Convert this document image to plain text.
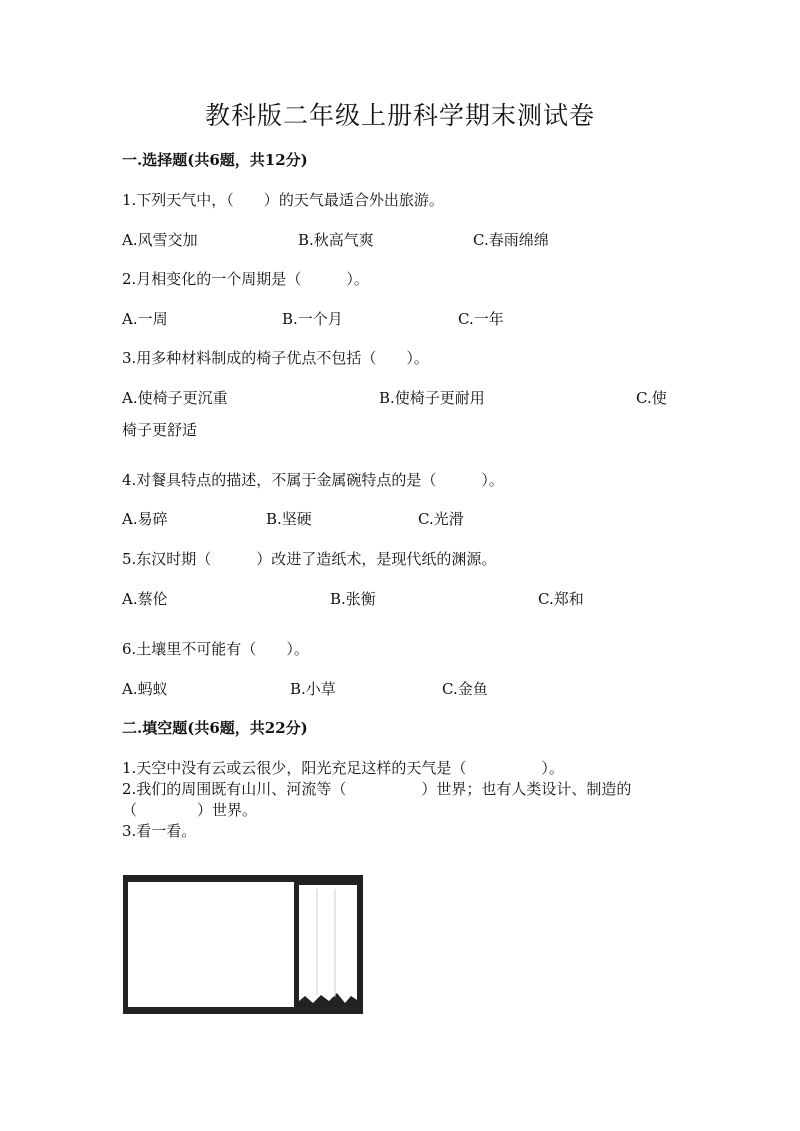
教科版二年级上册科学期末测试卷
一.选择题(共6题，共12分)
1.下列天气中，（　　）的天气最适合外出旅游。
A.风雪交加	B.秋高气爽	C.春雨绵绵
2.月相变化的一个周期是（　　　）。
A.一周	B.一个月	C.一年
3.用多种材料制成的椅子优点不包括（　　）。
A.使椅子更沉重	B.使椅子更耐用	C.使
椅子更舒适
4.对餐具特点的描述，不属于金属碗特点的是（　　　）。
A.易碎	B.坚硬	C.光滑
5.东汉时期（　　　）改进了造纸术，是现代纸的渊源。
A.蔡伦	B.张衡	C.郑和
6.土壤里不可能有（　　）。
A.蚂蚁	B.小草	C.金鱼
二.填空题(共6题，共22分)
1.天空中没有云或云很少，阳光充足这样的天气是（　　　　　）。
2.我们的周围既有山川、河流等（　　　　　）世界；也有人类设计、制造的
（　　　　）世界。
3.看一看。
